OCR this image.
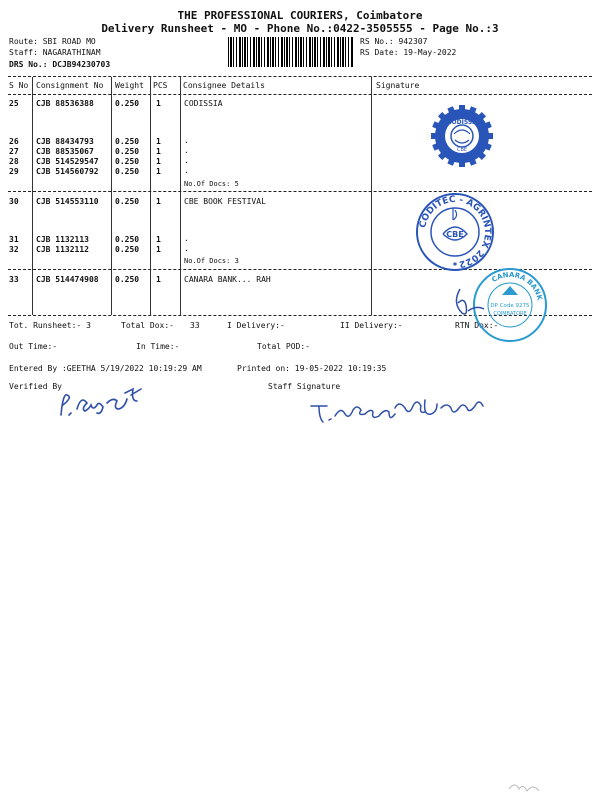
THE PROFESSIONAL COURIERS, Coimbatore
Delivery Runsheet - MO - Phone No.:0422-3505555 - Page No.:3
Route: SBI ROAD MO
Staff: NAGARATHINAM
DRS No.: DCJB94230703
RS No.: 942307
RS Date: 19-May-2022
S No Consignment No Weight PCS Consignee Details	Signature
25 CJB 88536388	0.250 1	CODISSIA
26 CJB 88434793	0.250 1	.
27 CJB 88535067	0.250 1	.
28 CJB 514529547 0.250 1	.
29 CJB 514560792 0.250 1	.
No.Of Docs: 5
30 CJB 514553110 0.250 1	CBE BOOK FESTIVAL
31 CJB 1132113	0.250 1	.
32 CJB 1132112	0.250 1	.
No.Of Docs: 3
33 CJB 514474908 0.250 1	CANARA BANK... RAH
Tot. Runsheet:- 3	Total Dox:- 33	I Delivery:-	II Delivery:-	RTN Dox:-
Out Time:-	In Time:-	Total POD:-
Entered By :GEETHA 5/19/2022 10:19:29 AM	Printed on: 19-05-2022 10:19:35
Verified By	Staff Signature
CODISSA
CBE
CODITEC - AGRINTEX 2022
CBE
✱
CANARA BANK
DP Code 9275
COIMBATORE
